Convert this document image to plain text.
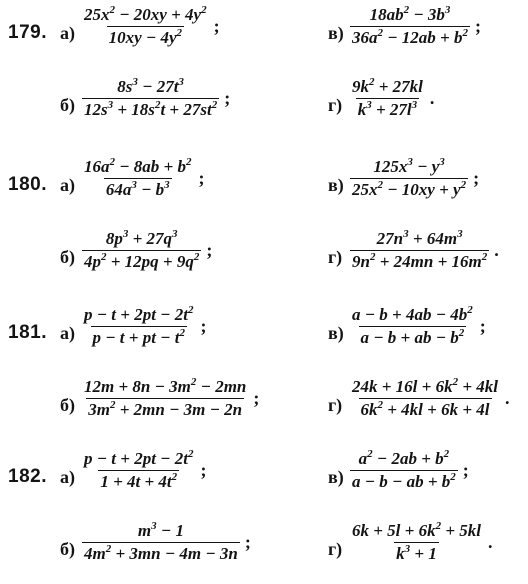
179. $а) \frac{25x^2 - 20xy + 4y^2}{10xy - 4y^2}$ ;	$в) \frac{18ab^2 - 3b^3}{36a^2 - 12ab + b^2}$ ;
$б) \frac{8s^3 - 27t^3}{12s^3 + 18s^2t + 27st^2}$ ;	$г) \frac{9k^2 + 27kl}{k^3 + 27l^3}$ .
180. $а) \frac{16a^2 - 8ab + b^2}{64a^3 - b^3}$ ;	$в) \frac{125x^3 - y^3}{25x^2 - 10xy + y^2}$ ;
$б) \frac{8p^3 + 27q^3}{4p^2 + 12pq + 9q^2}$ ;	$г) \frac{27n^3 + 64m^3}{9n^2 + 24mn + 16m^2}$ .
181. $а) \frac{p - t + 2pt - 2t^2}{p - t + pt - t^2}$ ;	$в) \frac{a - b + 4ab - 4b^2}{a - b + ab - b^2}$ ;
$б) \frac{12m + 8n - 3m^2 - 2mn}{3m^2 + 2mn - 3m - 2n}$ ;	$г) \frac{24k + 16l + 6k^2 + 4kl}{6k^2 + 4kl + 6k + 4l}$ .
182. $а) \frac{p - t + 2pt - 2t^2}{1 + 4t + 4t^2}$ ;	$в) \frac{a^2 - 2ab + b^2}{a - b - ab + b^2}$ ;
$б) \frac{m^3 - 1}{4m^2 + 3mn - 4m - 3n}$ ;	$г) \frac{6k + 5l + 6k^2 + 5kl}{k^3 + 1}$ .
